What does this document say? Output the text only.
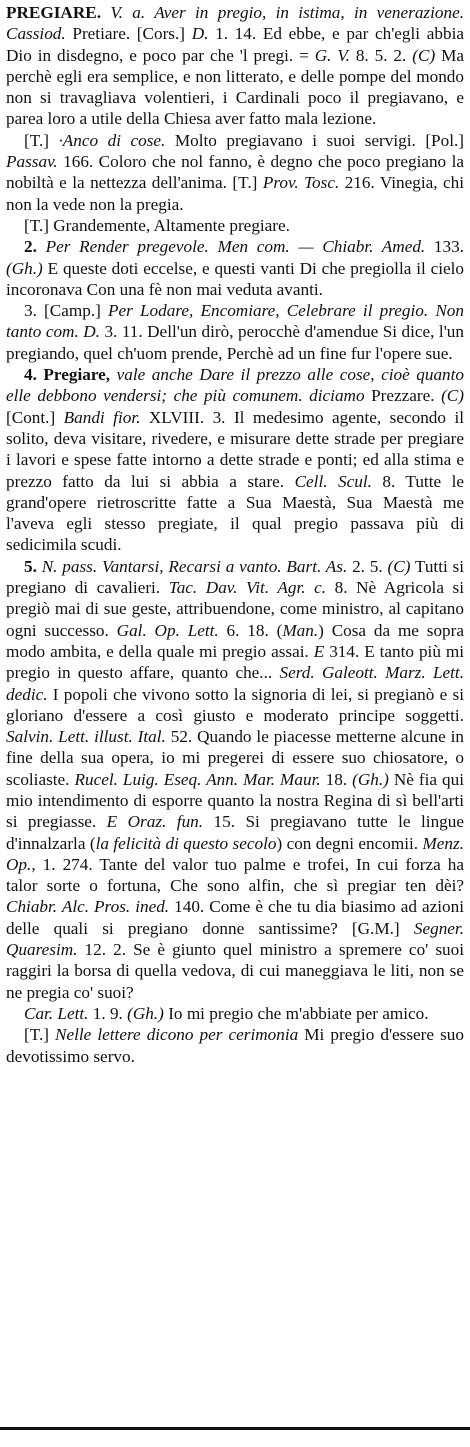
PREGIARE. V. a. Aver in pregio, in istima, in venerazione. Cassiod. Pretiare. [Cors.] D. 1. 14. Ed ebbe, e par ch'egli abbia Dio in disdegno, e poco par che 'l pregi. = G. V. 8. 5. 2. (C) Ma perchè egli era semplice, e non litterato, e delle pompe del mondo non si travagliava volentieri, i Cardinali poco il pregiavano, e parea loro a utile della Chiesa aver fatto mala lezione.

[T.] ·Anco di cose. Molto pregiavano i suoi servigi. [Pol.] Passav. 166. Coloro che nol fanno, è degno che poco pregiano la nobiltà e la nettezza dell'anima. [T.] Prov. Tosc. 216. Vinegia, chi non la vede non la pregia.

[T.] Grandemente, Altamente pregiare.

2. Per Render pregevole. Men com. — Chiabr. Amed. 133. (Gh.) E queste doti eccelse, e questi vanti Di che pregiolla il cielo incoronava Con una fè non mai veduta avanti.

3. [Camp.] Per Lodare, Encomiare, Celebrare il pregio. Non tanto com. D. 3. 11. Dell'un dirò, perocchè d'amendue Si dice, l'un pregiando, quel ch'uom prende, Perchè ad un fine fur l'opere sue.

4. Pregiare, vale anche Dare il prezzo alle cose, cioè quanto elle debbono vendersi; che più comunem. diciamo Prezzare. (C) [Cont.] Bandi fior. XLVIII. 3. Il medesimo agente, secondo il solito, deva visitare, rivedere, e misurare dette strade per pregiare i lavori e spese fatte intorno a dette strade e ponti; ed alla stima e prezzo fatto da lui si abbia a stare. Cell. Scul. 8. Tutte le grand'opere rietroscritte fatte a Sua Maestà, Sua Maestà me l'aveva egli stesso pregiate, il qual pregio passava più di sedicimila scudi.

5. N. pass. Vantarsi, Recarsi a vanto. Bart. As. 2. 5. (C) Tutti si pregiano di cavalieri. Tac. Dav. Vit. Agr. c. 8. Nè Agricola si pregiò mai di sue geste, attribuendone, come ministro, al capitano ogni successo. Gal. Op. Lett. 6. 18. (Man.) Cosa da me sopra modo ambita, e della quale mi pregio assai. E 314. E tanto più mi pregio in questo affare, quanto che... Serd. Galeott. Marz. Lett. dedic. I popoli che vivono sotto la signoria di lei, si pregianò e si gloriano d'essere a così giusto e moderato principe soggetti. Salvin. Lett. illust. Ital. 52. Quando le piacesse metterne alcune in fine della sua opera, io mi pregerei di essere suo chiosatore, o scoliaste. Rucel. Luig. Eseq. Ann. Mar. Maur. 18. (Gh.) Nè fia qui mio intendimento di esporre quanto la nostra Regina di sì bell'arti si pregiasse. E Oraz. fun. 15. Si pregiavano tutte le lingue d'innalzarla (la felicità di questo secolo) con degni encomii. Menz. Op., 1. 274. Tante del valor tuo palme e trofei, In cui forza ha talor sorte o fortuna, Che sono alfin, che sì pregiar ten dèi? Chiabr. Alc. Pros. ined. 140. Come è che tu dia biasimo ad azioni delle quali si pregiano donne santissime? [G.M.] Segner. Quaresim. 12. 2. Se è giunto quel ministro a spremere co' suoi raggiri la borsa di quella vedova, di cui maneggiava le liti, non se ne pregia co' suoi?

Car. Lett. 1. 9. (Gh.) Io mi pregio che m'abbiate per amico.

[T.] Nelle lettere dicono per cerimonia Mi pregio d'essere suo devotissimo servo.
